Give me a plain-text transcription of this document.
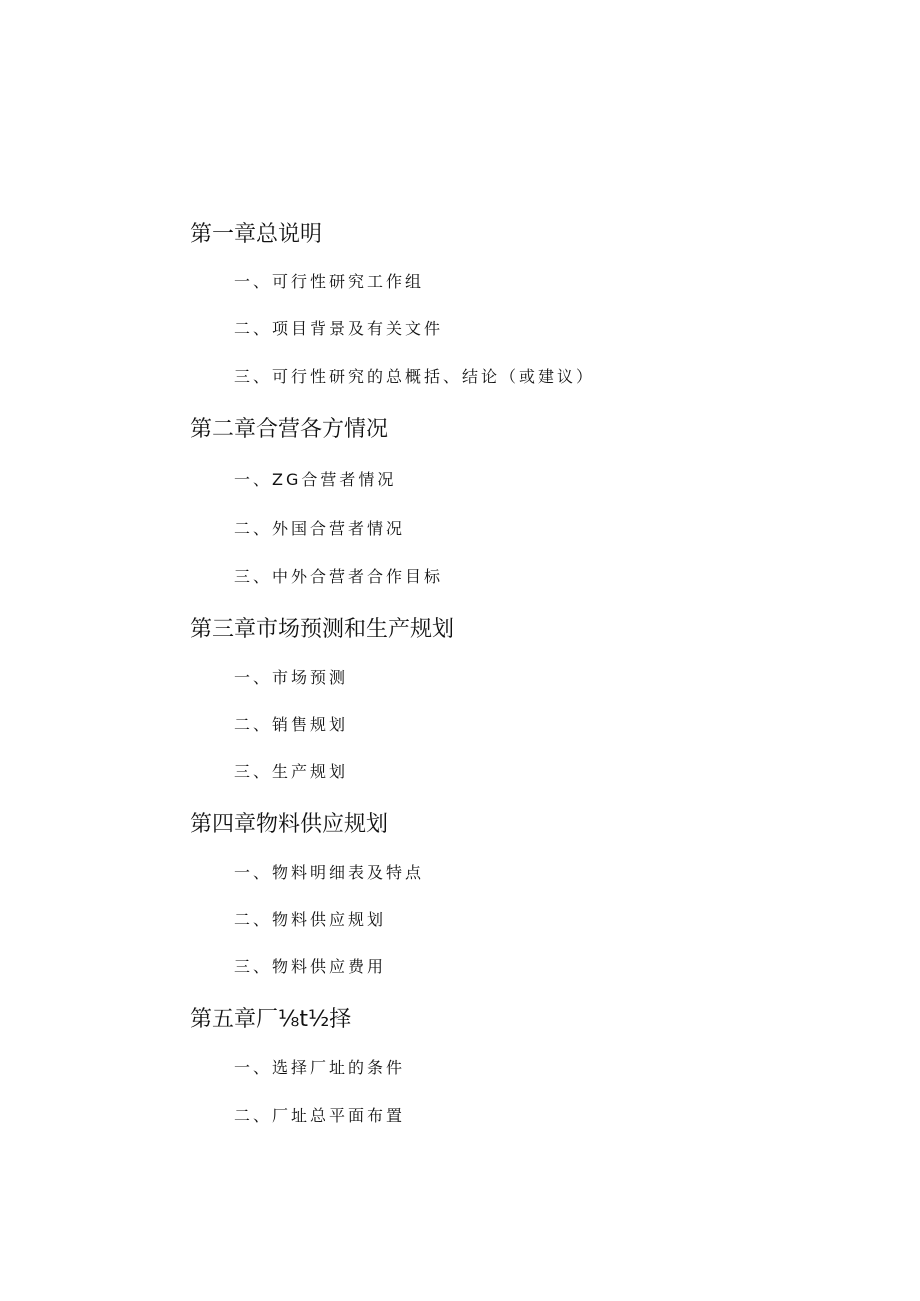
第一章总说明
一、可行性研究工作组
二、项目背景及有关文件
三、可行性研究的总概括、结论（或建议）
第二章合营各方情况
一、ZG合营者情况
二、外国合营者情况
三、中外合营者合作目标
第三章市场预测和生产规划
一、市场预测
二、销售规划
三、生产规划
第四章物料供应规划
一、物料明细表及特点
二、物料供应规划
三、物料供应费用
第五章厂⅛t½择
一、选择厂址的条件
二、厂址总平面布置
